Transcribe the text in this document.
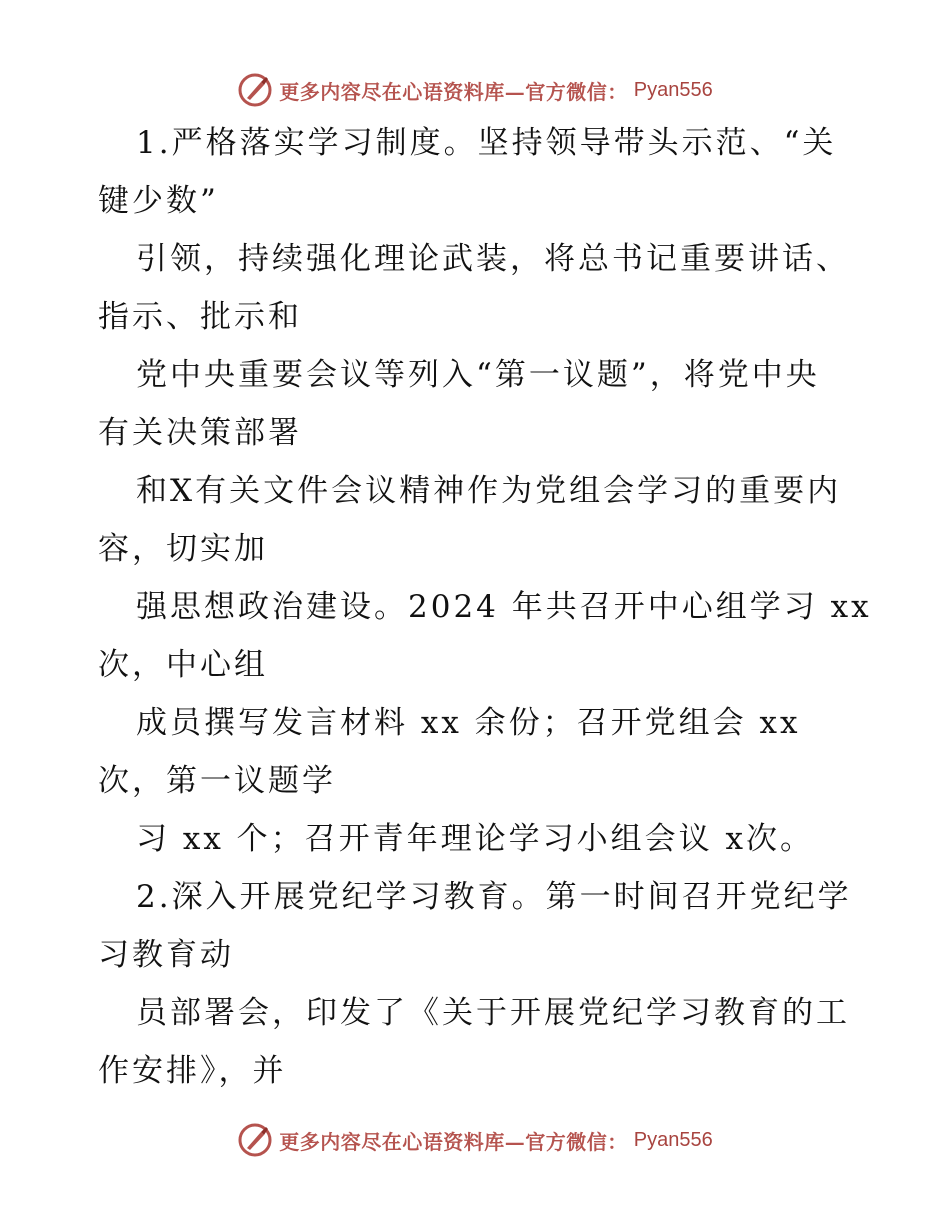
更多内容尽在心语资料库—官方微信： Pyan556
1.严格落实学习制度。坚持领导带头示范、“关
键少数”
引领，持续强化理论武装，将总书记重要讲话、
指示、批示和
党中央重要会议等列入“第一议题”，将党中央
有关决策部署
和X有关文件会议精神作为党组会学习的重要内
容，切实加
强思想政治建设。2024 年共召开中心组学习 xx
次，中心组
成员撰写发言材料 xx 余份；召开党组会 xx
次，第一议题学
习 xx 个；召开青年理论学习小组会议 x次。
2.深入开展党纪学习教育。第一时间召开党纪学
习教育动
员部署会，印发了《关于开展党纪学习教育的工
作安排》，并
更多内容尽在心语资料库—官方微信： Pyan556
